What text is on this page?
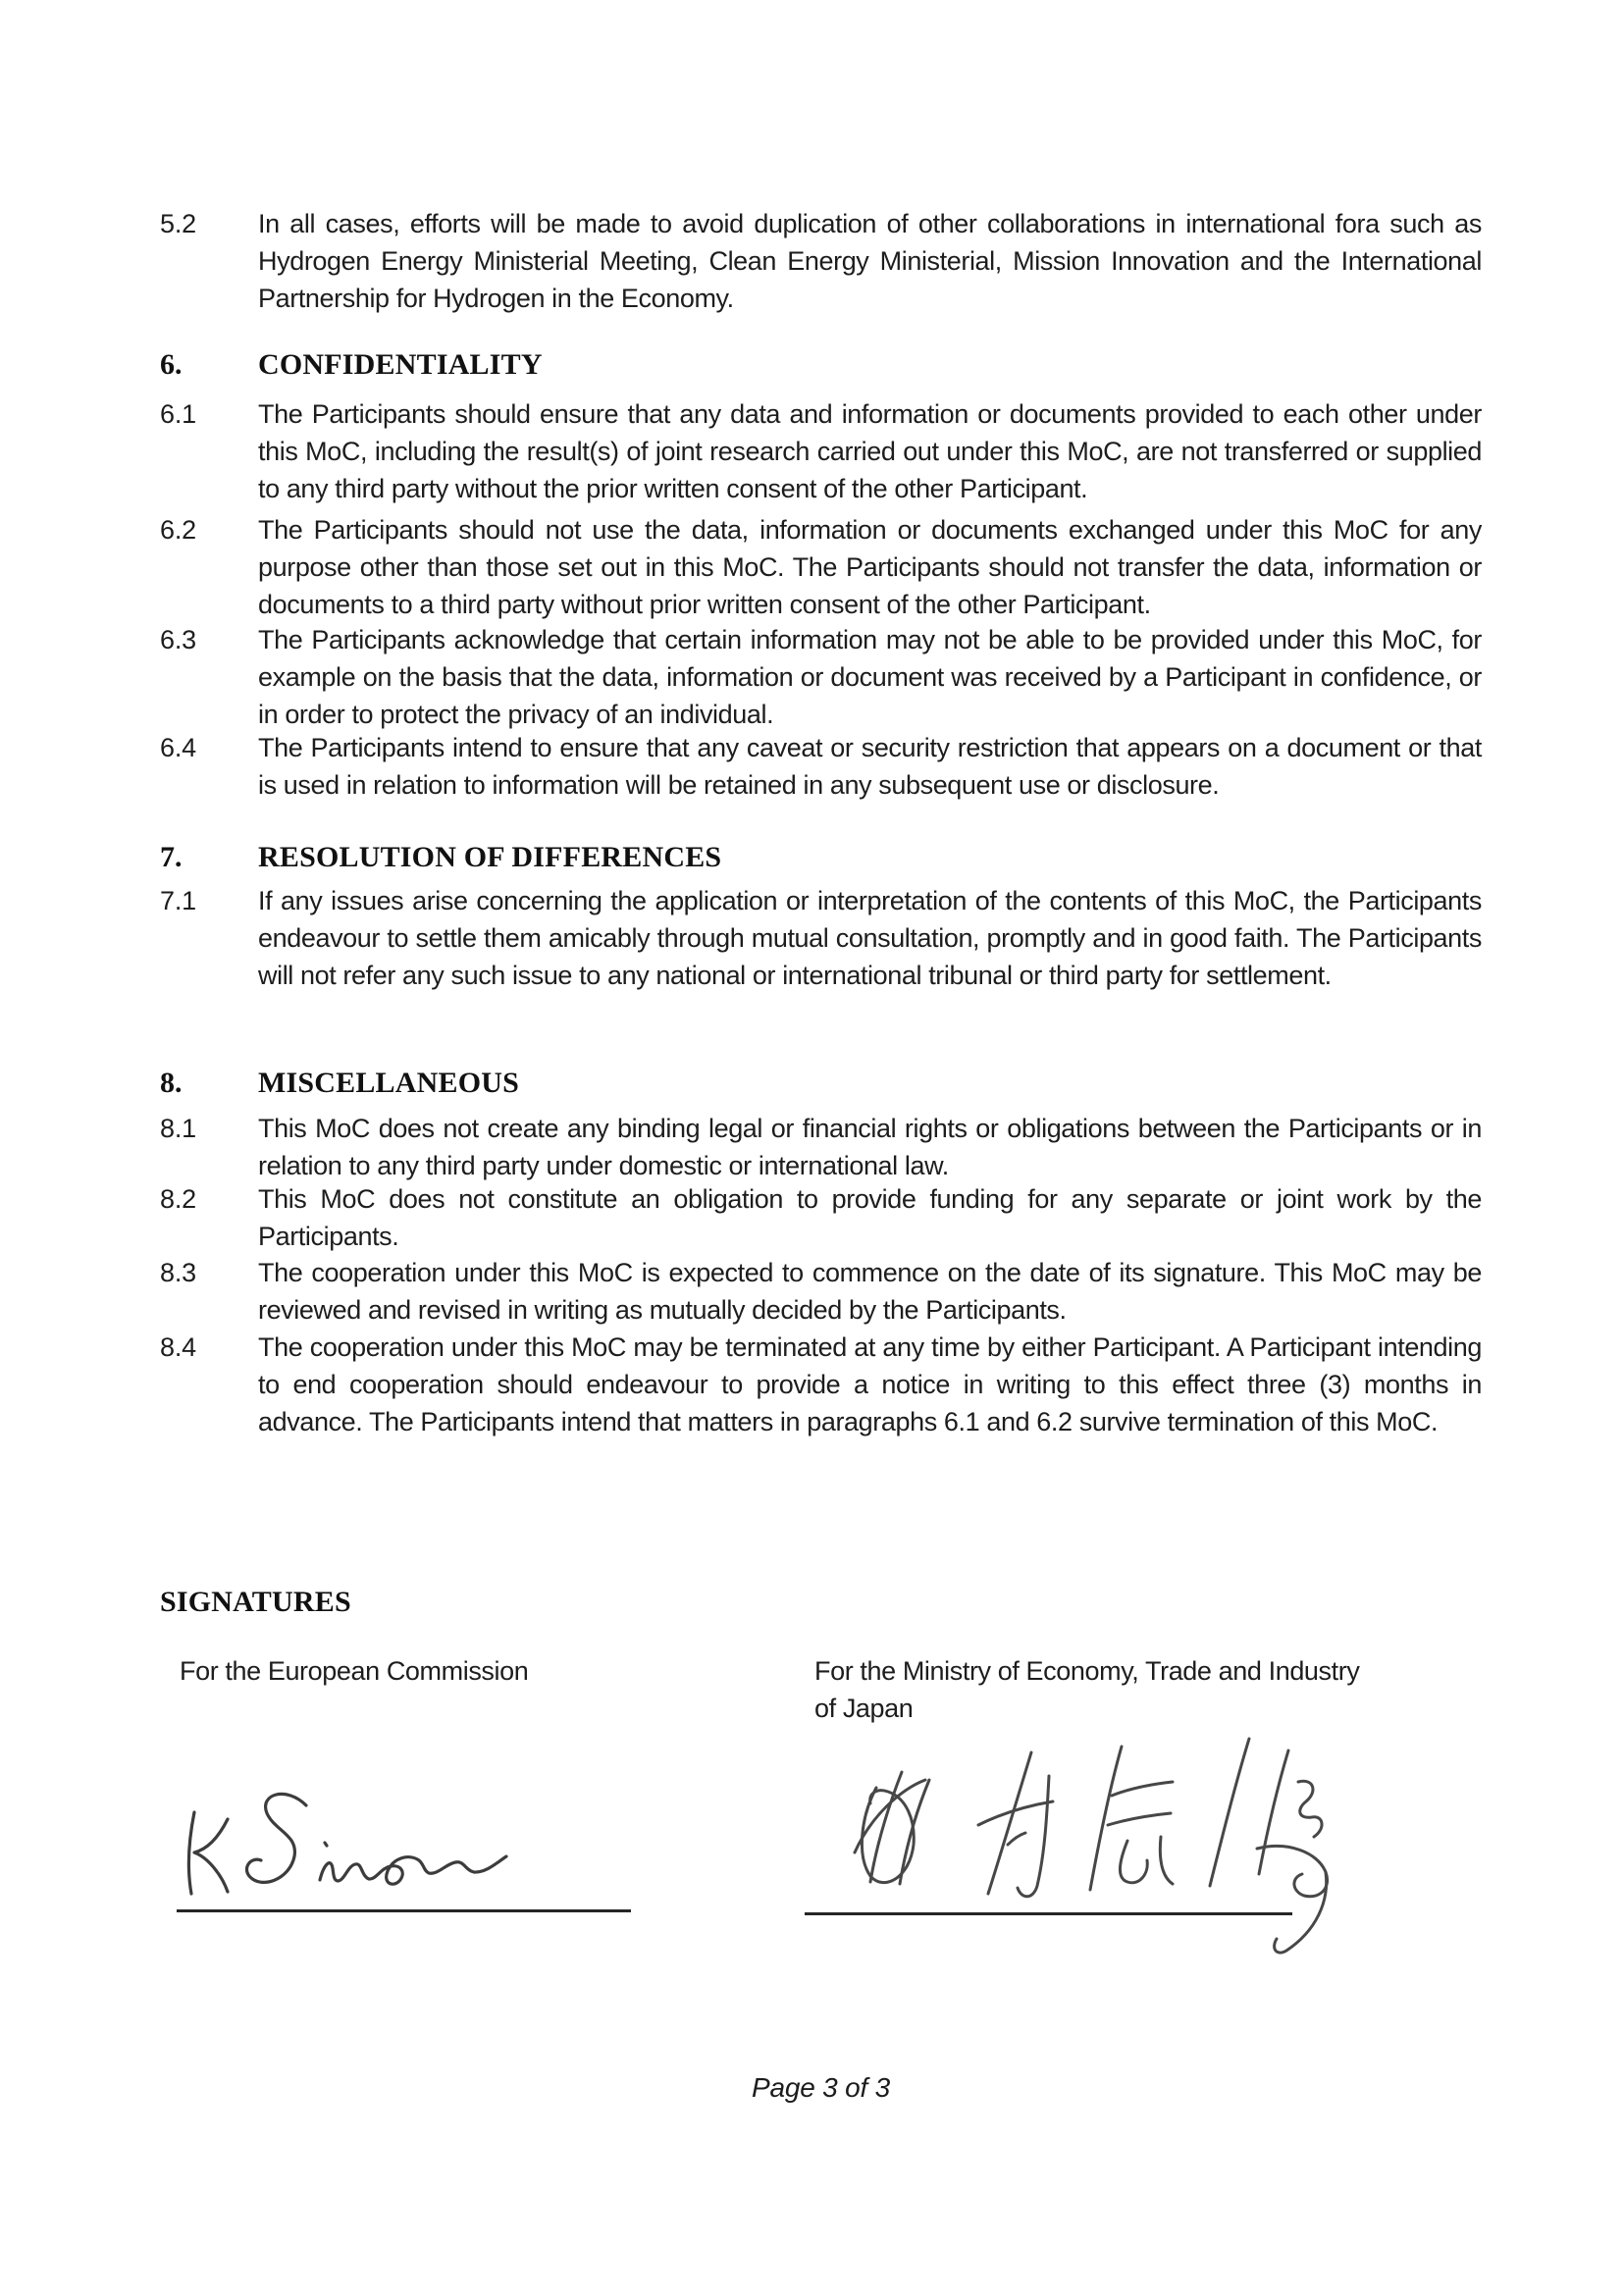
5.2	In all cases, efforts will be made to avoid duplication of other collaborations in international fora such as Hydrogen Energy Ministerial Meeting, Clean Energy Ministerial, Mission Innovation and the International Partnership for Hydrogen in the Economy.
6.	CONFIDENTIALITY
6.1	The Participants should ensure that any data and information or documents provided to each other under this MoC, including the result(s) of joint research carried out under this MoC, are not transferred or supplied to any third party without the prior written consent of the other Participant.
6.2	The Participants should not use the data, information or documents exchanged under this MoC for any purpose other than those set out in this MoC. The Participants should not transfer the data, information or documents to a third party without prior written consent of the other Participant.
6.3	The Participants acknowledge that certain information may not be able to be provided under this MoC, for example on the basis that the data, information or document was received by a Participant in confidence, or in order to protect the privacy of an individual.
6.4	The Participants intend to ensure that any caveat or security restriction that appears on a document or that is used in relation to information will be retained in any subsequent use or disclosure.
7.	RESOLUTION OF DIFFERENCES
7.1	If any issues arise concerning the application or interpretation of the contents of this MoC, the Participants endeavour to settle them amicably through mutual consultation, promptly and in good faith. The Participants will not refer any such issue to any national or international tribunal or third party for settlement.
8.	MISCELLANEOUS
8.1	This MoC does not create any binding legal or financial rights or obligations between the Participants or in relation to any third party under domestic or international law.
8.2	This MoC does not constitute an obligation to provide funding for any separate or joint work by the Participants.
8.3	The cooperation under this MoC is expected to commence on the date of its signature. This MoC may be reviewed and revised in writing as mutually decided by the Participants.
8.4	The cooperation under this MoC may be terminated at any time by either Participant. A Participant intending to end cooperation should endeavour to provide a notice in writing to this effect three (3) months in advance. The Participants intend that matters in paragraphs 6.1 and 6.2 survive termination of this MoC.
SIGNATURES
For the European Commission	For the Ministry of Economy, Trade and Industry
of Japan
Page 3 of 3
